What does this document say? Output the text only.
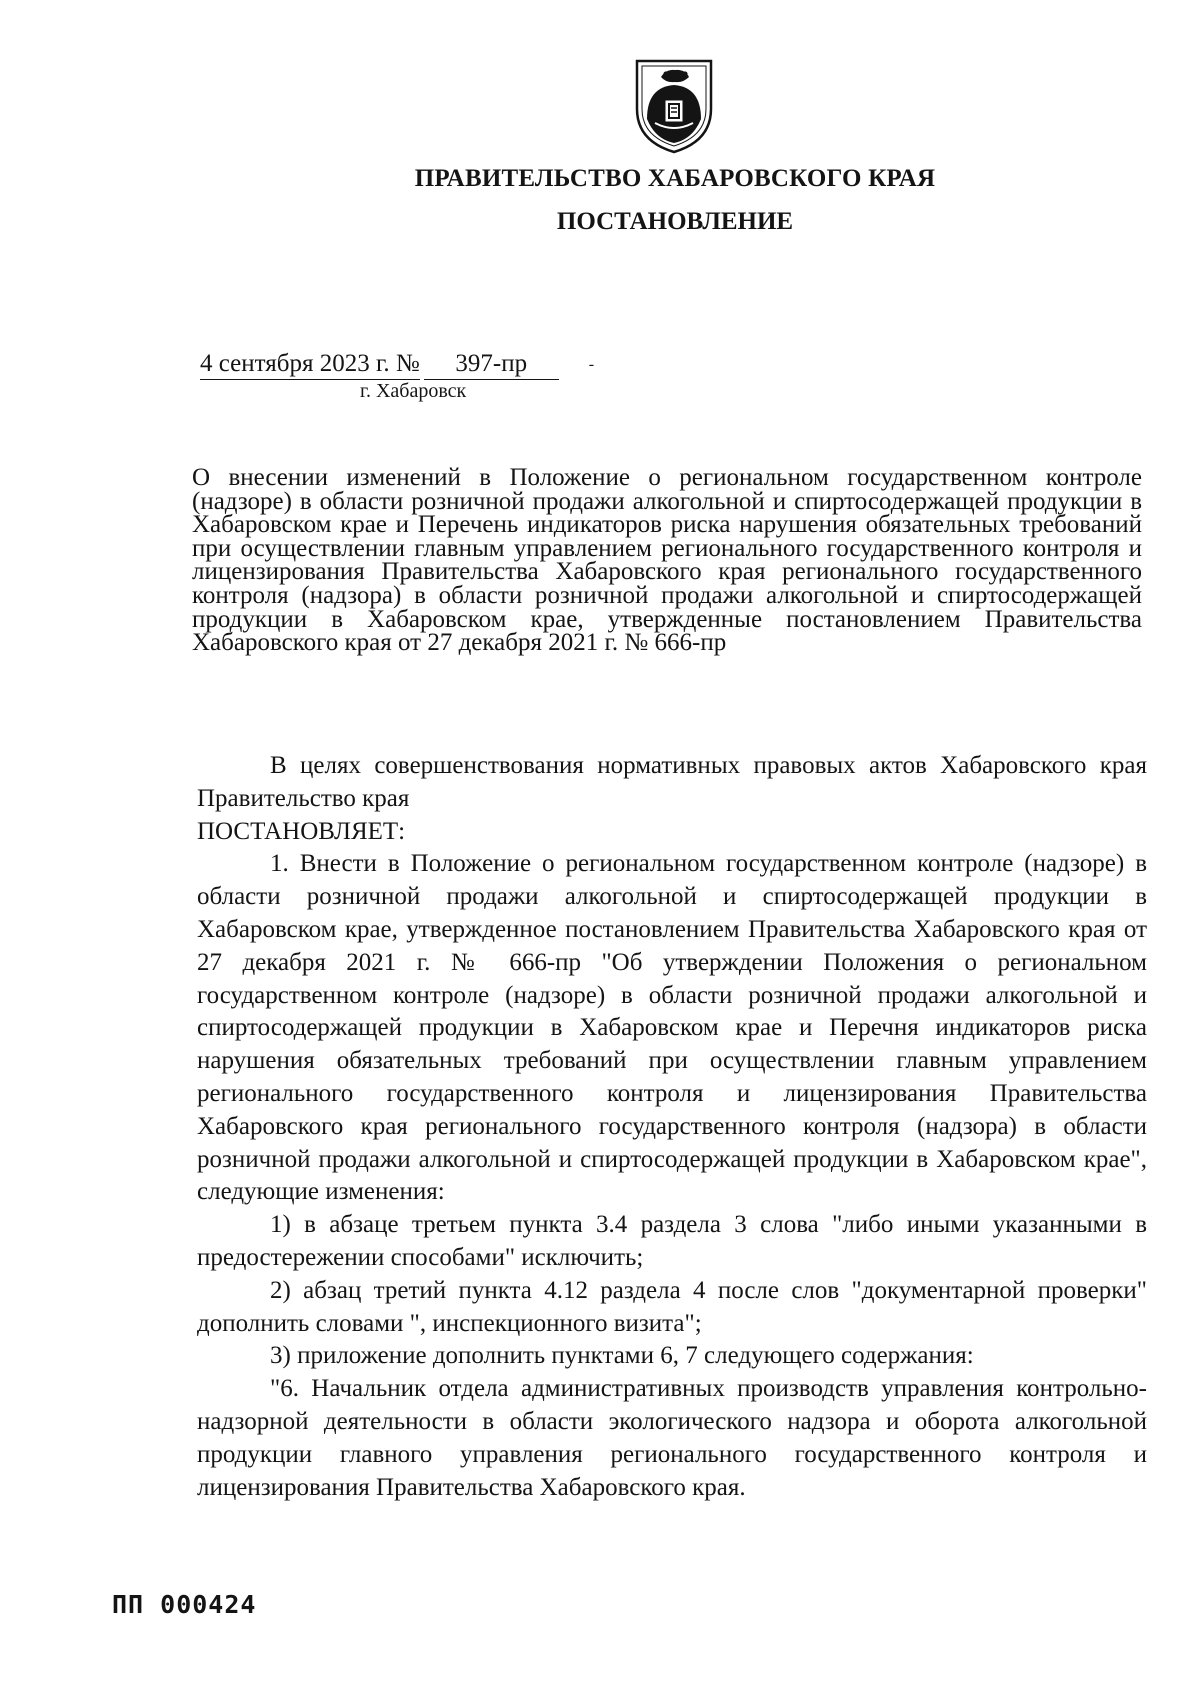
ПРАВИТЕЛЬСТВО ХАБАРОВСКОГО КРАЯ
ПОСТАНОВЛЕНИЕ
4 сентября 2023 г. № 397-пр	-
г. Хабаровск
О внесении изменений в Положение о региональном государственном контроле (надзоре) в области розничной продажи алкогольной и спиртосодержащей продукции в Хабаровском крае и Перечень индикаторов риска нарушения обязательных требований при осуществлении главным управлением регионального государственного контроля и лицензирования Правительства Хабаровского края регионального государственного контроля (надзора) в области розничной продажи алкогольной и спиртосодержащей продукции в Хабаровском крае, утвержденные постановлением Правительства Хабаровского края от 27 декабря 2021 г. № 666-пр

В целях совершенствования нормативных правовых актов Хабаровского края Правительство края

ПОСТАНОВЛЯЕТ:

1. Внести в Положение о региональном государственном контроле (надзоре) в области розничной продажи алкогольной и спиртосодержащей продукции в Хабаровском крае, утвержденное постановлением Правительства Хабаровского края от 27 декабря 2021 г. № 666-пр "Об утверждении Положения о региональном государственном контроле (надзоре) в области розничной продажи алкогольной и спиртосодержащей продукции в Хабаровском крае и Перечня индикаторов риска нарушения обязательных требований при осуществлении главным управлением регионального государственного контроля и лицензирования Правительства Хабаровского края регионального государственного контроля (надзора) в области розничной продажи алкогольной и спиртосодержащей продукции в Хабаровском крае", следующие изменения:

1) в абзаце третьем пункта 3.4 раздела 3 слова "либо иными указанными в предостережении способами" исключить;

2) абзац третий пункта 4.12 раздела 4 после слов "документарной проверки" дополнить словами ", инспекционного визита";

3) приложение дополнить пунктами 6, 7 следующего содержания:

"6. Начальник отдела административных производств управления контрольно-надзорной деятельности в области экологического надзора и оборота алкогольной продукции главного управления регионального государственного контроля и лицензирования Правительства Хабаровского края.

ПП 000424
